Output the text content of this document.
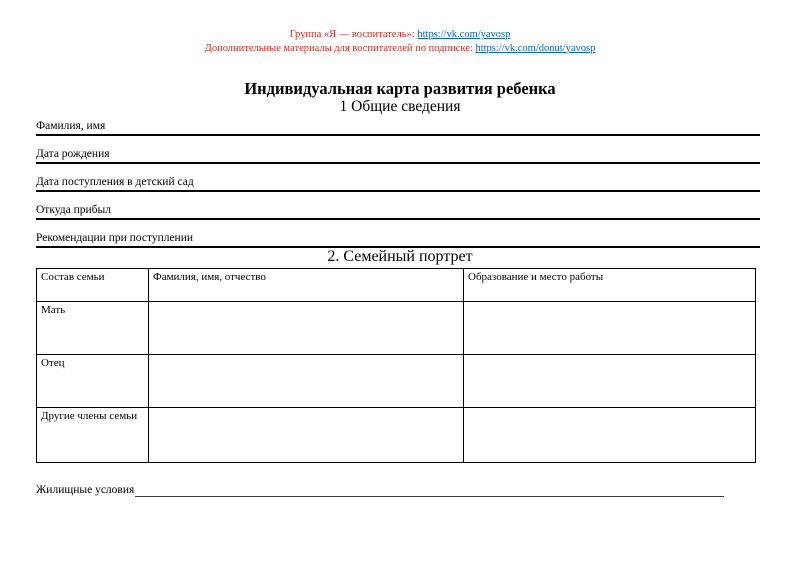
Группа «Я — воспитатель»: https://vk.com/yavosp
Дополнительные материалы для воспитателей по подписке: https://vk.com/donut/yavosp
Индивидуальная карта развития ребенка
1 Общие сведения
Фамилия, имя
Дата рождения
Дата поступления в детский сад
Откуда прибыл
Рекомендации при поступлении
2. Семейный портрет
Состав семьи	Фамилия, имя, отчество	Образование и место работы
Мать		
Отец		
Другие члены семьи		
Жилищные условия
